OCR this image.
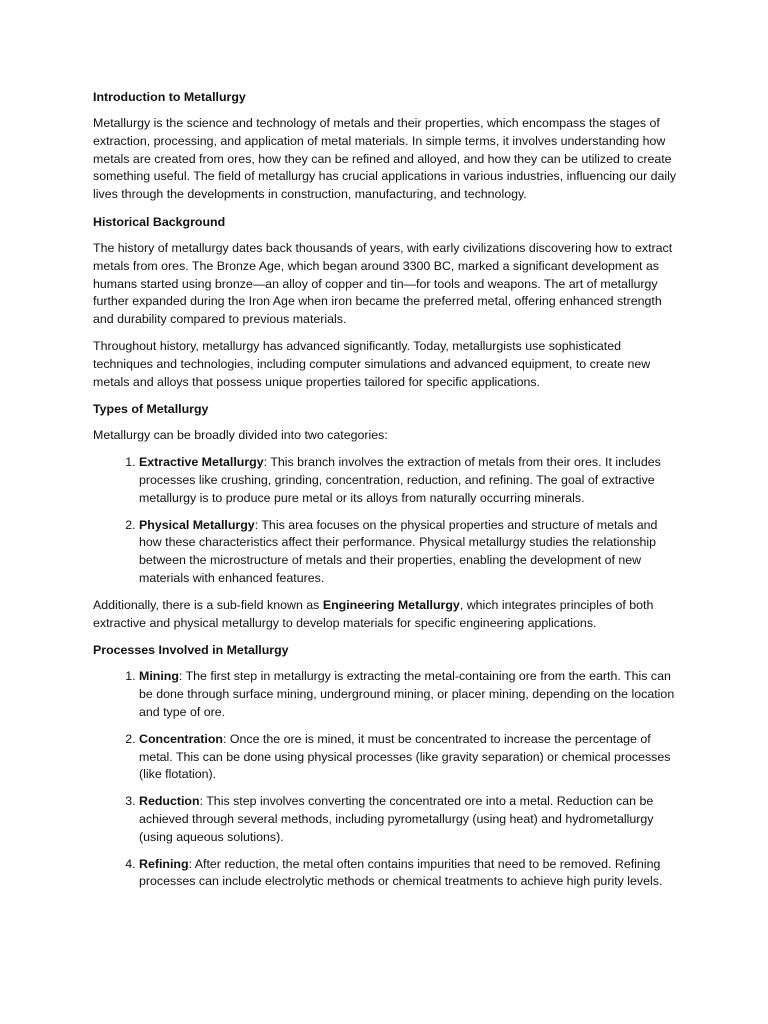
Introduction to Metallurgy

Metallurgy is the science and technology of metals and their properties, which encompass the stages of extraction, processing, and application of metal materials. In simple terms, it involves understanding how metals are created from ores, how they can be refined and alloyed, and how they can be utilized to create something useful. The field of metallurgy has crucial applications in various industries, influencing our daily lives through the developments in construction, manufacturing, and technology.

Historical Background

The history of metallurgy dates back thousands of years, with early civilizations discovering how to extract metals from ores. The Bronze Age, which began around 3300 BC, marked a significant development as humans started using bronze—an alloy of copper and tin—for tools and weapons. The art of metallurgy further expanded during the Iron Age when iron became the preferred metal, offering enhanced strength and durability compared to previous materials.

Throughout history, metallurgy has advanced significantly. Today, metallurgists use sophisticated techniques and technologies, including computer simulations and advanced equipment, to create new metals and alloys that possess unique properties tailored for specific applications.

Types of Metallurgy

Metallurgy can be broadly divided into two categories:

1. Extractive Metallurgy: This branch involves the extraction of metals from their ores. It includes processes like crushing, grinding, concentration, reduction, and refining. The goal of extractive metallurgy is to produce pure metal or its alloys from naturally occurring minerals.
2. Physical Metallurgy: This area focuses on the physical properties and structure of metals and how these characteristics affect their performance. Physical metallurgy studies the relationship between the microstructure of metals and their properties, enabling the development of new materials with enhanced features.

Additionally, there is a sub-field known as Engineering Metallurgy, which integrates principles of both extractive and physical metallurgy to develop materials for specific engineering applications.

Processes Involved in Metallurgy
1. Mining: The first step in metallurgy is extracting the metal-containing ore from the earth. This can be done through surface mining, underground mining, or placer mining, depending on the location and type of ore.
2. Concentration: Once the ore is mined, it must be concentrated to increase the percentage of metal. This can be done using physical processes (like gravity separation) or chemical processes (like flotation).
3. Reduction: This step involves converting the concentrated ore into a metal. Reduction can be achieved through several methods, including pyrometallurgy (using heat) and hydrometallurgy (using aqueous solutions).
4. Refining: After reduction, the metal often contains impurities that need to be removed. Refining processes can include electrolytic methods or chemical treatments to achieve high purity levels.
